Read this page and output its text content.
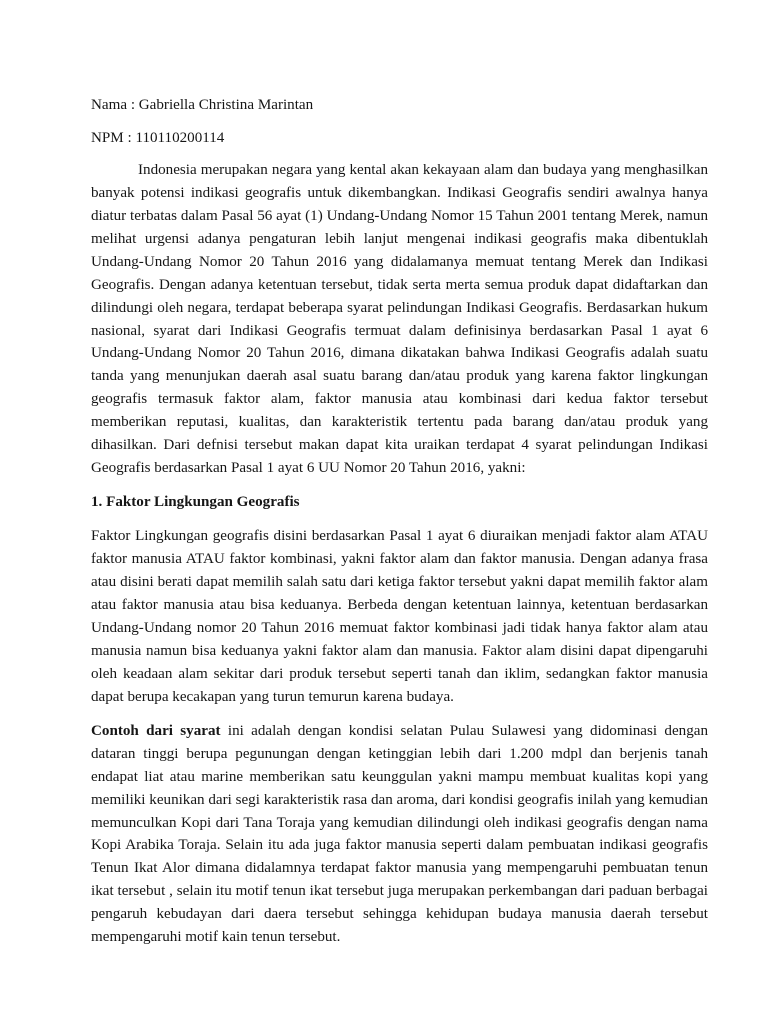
Nama : Gabriella Christina Marintan

NPM : 110110200114

Indonesia merupakan negara yang kental akan kekayaan alam dan budaya yang menghasilkan banyak potensi indikasi geografis untuk dikembangkan. Indikasi Geografis sendiri awalnya hanya diatur terbatas dalam Pasal 56 ayat (1) Undang-Undang Nomor 15 Tahun 2001 tentang Merek, namun melihat urgensi adanya pengaturan lebih lanjut mengenai indikasi geografis maka dibentuklah Undang-Undang Nomor 20 Tahun 2016 yang didalamanya memuat tentang Merek dan Indikasi Geografis. Dengan adanya ketentuan tersebut, tidak serta merta semua produk dapat didaftarkan dan dilindungi oleh negara, terdapat beberapa syarat pelindungan Indikasi Geografis. Berdasarkan hukum nasional, syarat dari Indikasi Geografis termuat dalam definisinya berdasarkan Pasal 1 ayat 6 Undang-Undang Nomor 20 Tahun 2016, dimana dikatakan bahwa Indikasi Geografis adalah suatu tanda yang menunjukan daerah asal suatu barang dan/atau produk yang karena faktor lingkungan geografis termasuk faktor alam, faktor manusia atau kombinasi dari kedua faktor tersebut memberikan reputasi, kualitas, dan karakteristik tertentu pada barang dan/atau produk yang dihasilkan. Dari defnisi tersebut makan dapat kita uraikan terdapat 4 syarat pelindungan Indikasi Geografis berdasarkan Pasal 1 ayat 6 UU Nomor 20 Tahun 2016, yakni:

1. Faktor Lingkungan Geografis

Faktor Lingkungan geografis disini berdasarkan Pasal 1 ayat 6 diuraikan menjadi faktor alam ATAU faktor manusia ATAU faktor kombinasi, yakni faktor alam dan faktor manusia. Dengan adanya frasa atau disini berati dapat memilih salah satu dari ketiga faktor tersebut yakni dapat memilih faktor alam atau faktor manusia atau bisa keduanya. Berbeda dengan ketentuan lainnya, ketentuan berdasarkan Undang-Undang nomor 20 Tahun 2016 memuat faktor kombinasi jadi tidak hanya faktor alam atau manusia namun bisa keduanya yakni faktor alam dan manusia. Faktor alam disini dapat dipengaruhi oleh keadaan alam sekitar dari produk tersebut seperti tanah dan iklim, sedangkan faktor manusia dapat berupa kecakapan yang turun temurun karena budaya.

Contoh dari syarat ini adalah dengan kondisi selatan Pulau Sulawesi yang didominasi dengan dataran tinggi berupa pegunungan dengan ketinggian lebih dari 1.200 mdpl dan berjenis tanah endapat liat atau marine memberikan satu keunggulan yakni mampu membuat kualitas kopi yang memiliki keunikan dari segi karakteristik rasa dan aroma, dari kondisi geografis inilah yang kemudian memunculkan Kopi dari Tana Toraja yang kemudian dilindungi oleh indikasi geografis dengan nama Kopi Arabika Toraja. Selain itu ada juga faktor manusia seperti dalam pembuatan indikasi geografis Tenun Ikat Alor dimana didalamnya terdapat faktor manusia yang mempengaruhi pembuatan tenun ikat tersebut , selain itu motif tenun ikat tersebut juga merupakan perkembangan dari paduan berbagai pengaruh kebudayan dari daera tersebut sehingga kehidupan budaya manusia daerah tersebut mempengaruhi motif kain tenun tersebut.
